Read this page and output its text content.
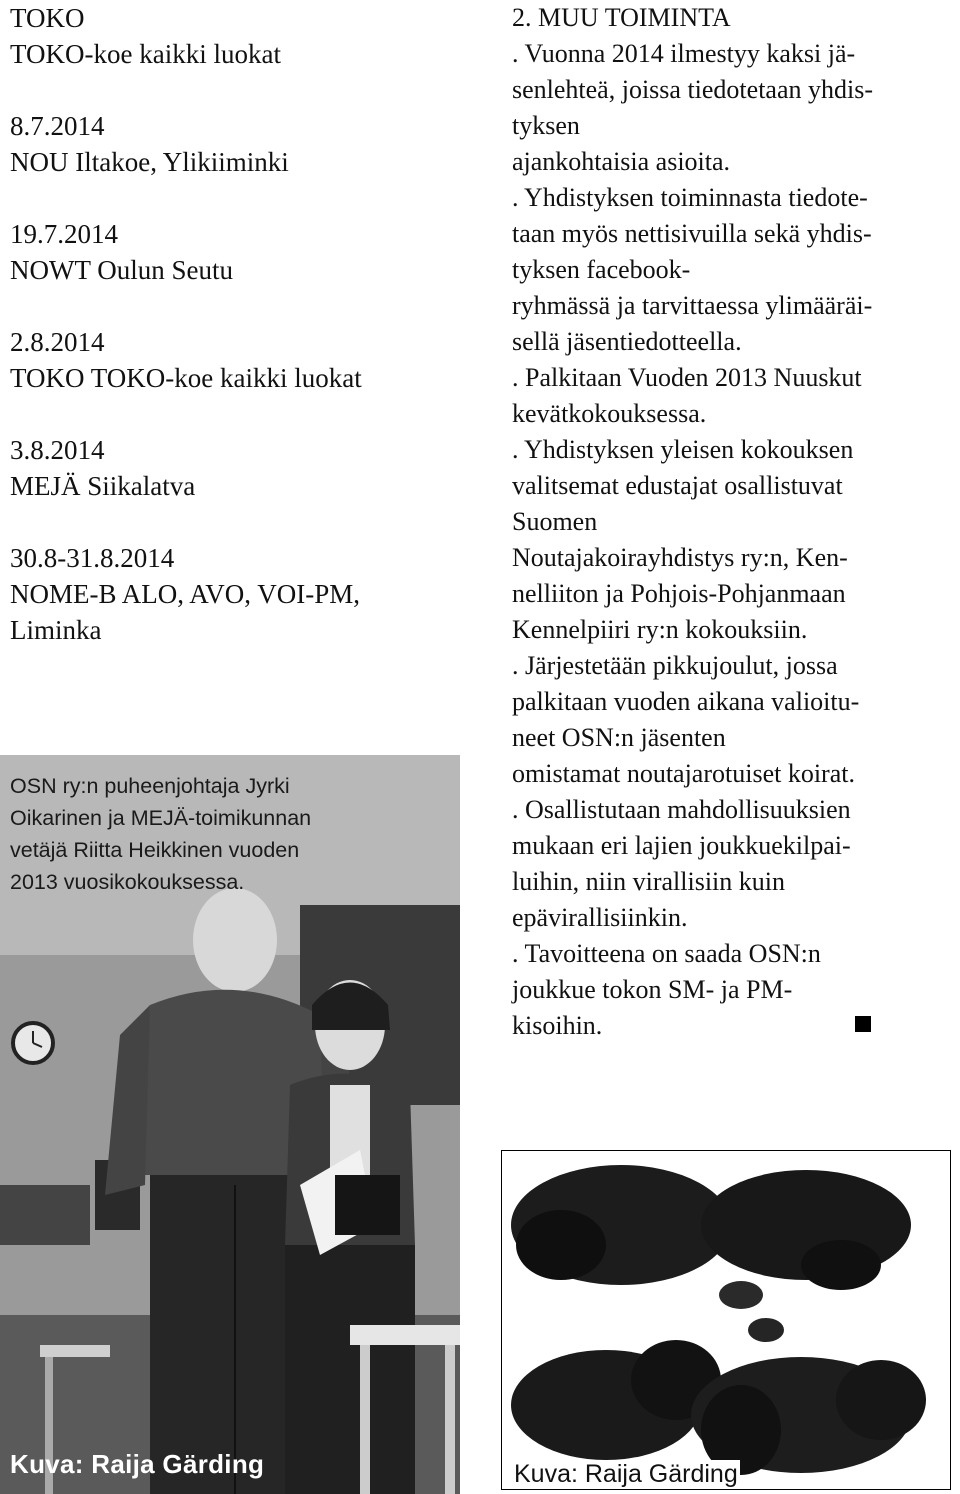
TOKO
TOKO-koe kaikki luokat
8.7.2014
NOU Iltakoe, Ylikiiminki
19.7.2014
NOWT Oulun Seutu
2.8.2014
TOKO TOKO-koe kaikki luokat
3.8.2014
MEJÄ Siikalatva
30.8-31.8.2014
NOME-B ALO, AVO, VOI-PM,
Liminka
OSN ry:n puheenjohtaja Jyrki
Oikarinen ja MEJÄ-toimikunnan
vetäjä Riitta Heikkinen vuoden
2013 vuosikokouksessa.
Kuva: Raija Gärding
2. MUU TOIMINTA
. Vuonna 2014 ilmestyy kaksi jä-
senlehteä, joissa tiedotetaan yhdis-
tyksen
ajankohtaisia asioita.
. Yhdistyksen toiminnasta tiedote-
taan myös nettisivuilla sekä yhdis-
tyksen facebook-
ryhmässä ja tarvittaessa ylimääräi-
sellä jäsentiedotteella.
. Palkitaan Vuoden 2013 Nuuskut
kevätkokouksessa.
. Yhdistyksen yleisen kokouksen
valitsemat edustajat osallistuvat
Suomen
Noutajakoirayhdistys ry:n, Ken-
nelliiton ja Pohjois-Pohjanmaan
Kennelpiiri ry:n kokouksiin.
. Järjestetään pikkujoulut, jossa
palkitaan vuoden aikana valioitu-
neet OSN:n jäsenten
omistamat noutajarotuiset koirat.
. Osallistutaan mahdollisuuksien
mukaan eri lajien joukkuekilpai-
luihin, niin virallisiin kuin
epävirallisiinkin.
. Tavoitteena on saada OSN:n
joukkue tokon SM- ja PM-
kisoihin.
Kuva: Raija Gärding
